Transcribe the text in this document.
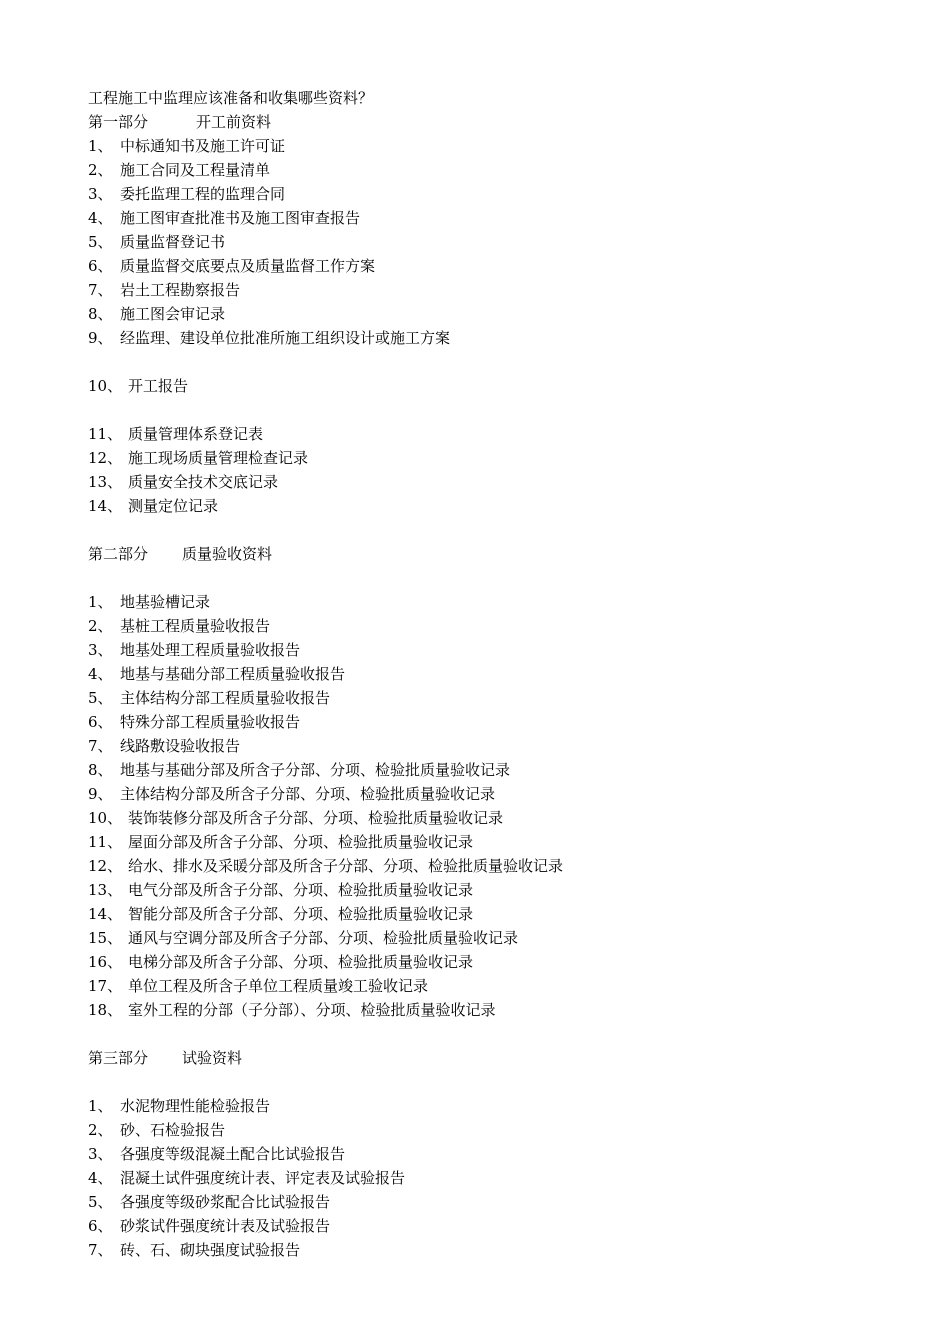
工程施工中监理应该准备和收集哪些资料？
第一部分	开工前资料
1、 中标通知书及施工许可证
2、 施工合同及工程量清单
3、 委托监理工程的监理合同
4、 施工图审查批准书及施工图审查报告
5、 质量监督登记书
6、 质量监督交底要点及质量监督工作方案
7、 岩土工程勘察报告
8、 施工图会审记录
9、 经监理、建设单位批准所施工组织设计或施工方案
10、 开工报告
11、 质量管理体系登记表
12、 施工现场质量管理检查记录
13、 质量安全技术交底记录
14、 测量定位记录
第二部分 质量验收资料
1、 地基验槽记录
2、 基桩工程质量验收报告
3、 地基处理工程质量验收报告
4、 地基与基础分部工程质量验收报告
5、 主体结构分部工程质量验收报告
6、 特殊分部工程质量验收报告
7、 线路敷设验收报告
8、 地基与基础分部及所含子分部、分项、检验批质量验收记录
9、 主体结构分部及所含子分部、分项、检验批质量验收记录
10、 装饰装修分部及所含子分部、分项、检验批质量验收记录
11、 屋面分部及所含子分部、分项、检验批质量验收记录
12、 给水、排水及采暖分部及所含子分部、分项、检验批质量验收记录
13、 电气分部及所含子分部、分项、检验批质量验收记录
14、 智能分部及所含子分部、分项、检验批质量验收记录
15、 通风与空调分部及所含子分部、分项、检验批质量验收记录
16、 电梯分部及所含子分部、分项、检验批质量验收记录
17、 单位工程及所含子单位工程质量竣工验收记录
18、 室外工程的分部（子分部）、分项、检验批质量验收记录
第三部分 试验资料
1、 水泥物理性能检验报告
2、 砂、石检验报告
3、 各强度等级混凝土配合比试验报告
4、 混凝土试件强度统计表、评定表及试验报告
5、 各强度等级砂浆配合比试验报告
6、 砂浆试件强度统计表及试验报告
7、 砖、石、砌块强度试验报告
